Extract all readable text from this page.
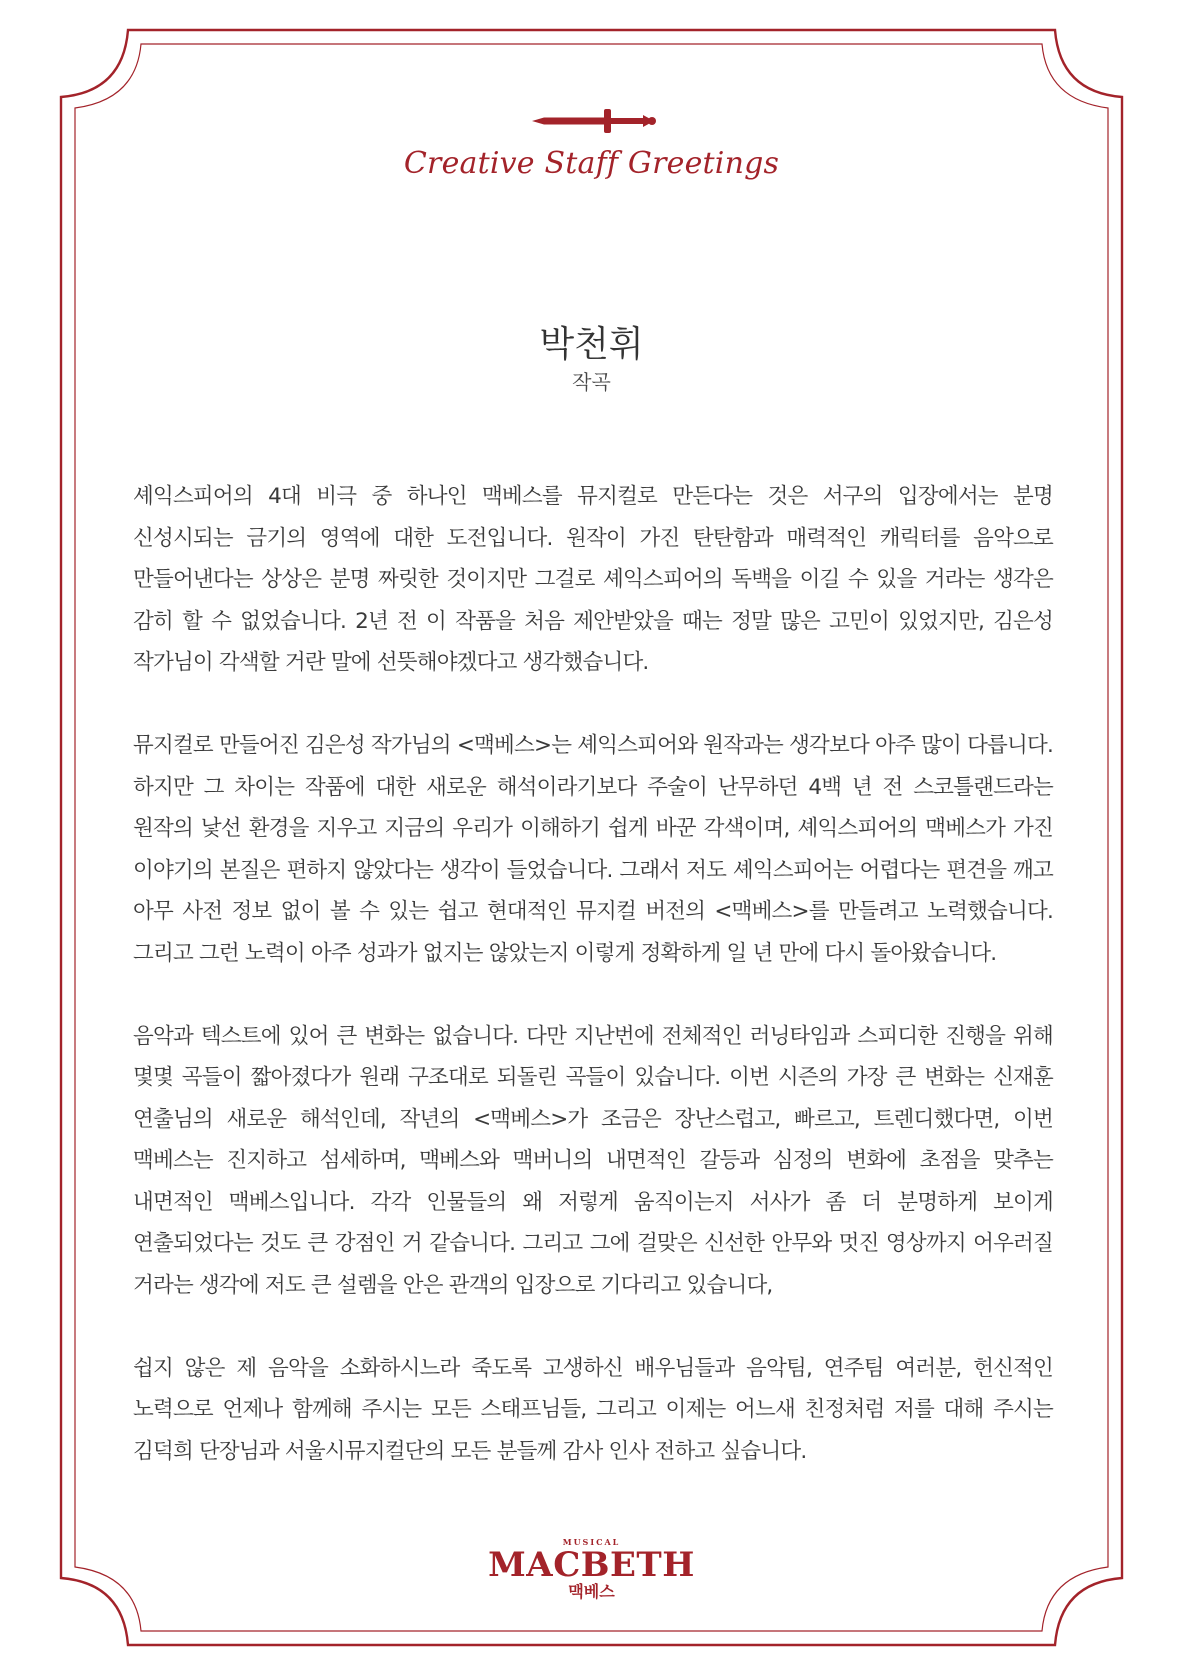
Creative Staff Greetings
박천휘
작곡

셰익스피어의 4대 비극 중 하나인 맥베스를 뮤지컬로 만든다는 것은 서구의 입장에서는 분명 신성시되는 금기의 영역에 대한 도전입니다. 원작이 가진 탄탄함과 매력적인 캐릭터를 음악으로 만들어낸다는 상상은 분명 짜릿한 것이지만 그걸로 셰익스피어의 독백을 이길 수 있을 거라는 생각은 감히 할 수 없었습니다. 2년 전 이 작품을 처음 제안받았을 때는 정말 많은 고민이 있었지만, 김은성 작가님이 각색할 거란 말에 선뜻해야겠다고 생각했습니다.

뮤지컬로 만들어진 김은성 작가님의 <맥베스>는 셰익스피어와 원작과는 생각보다 아주 많이 다릅니다. 하지만 그 차이는 작품에 대한 새로운 해석이라기보다 주술이 난무하던 4백 년 전 스코틀랜드라는 원작의 낯선 환경을 지우고 지금의 우리가 이해하기 쉽게 바꾼 각색이며, 셰익스피어의 맥베스가 가진 이야기의 본질은 편하지 않았다는 생각이 들었습니다. 그래서 저도 셰익스피어는 어렵다는 편견을 깨고 아무 사전 정보 없이 볼 수 있는 쉽고 현대적인 뮤지컬 버전의 <맥베스>를 만들려고 노력했습니다. 그리고 그런 노력이 아주 성과가 없지는 않았는지 이렇게 정확하게 일 년 만에 다시 돌아왔습니다.

음악과 텍스트에 있어 큰 변화는 없습니다. 다만 지난번에 전체적인 러닝타임과 스피디한 진행을 위해 몇몇 곡들이 짧아졌다가 원래 구조대로 되돌린 곡들이 있습니다. 이번 시즌의 가장 큰 변화는 신재훈 연출님의 새로운 해석인데, 작년의 <맥베스>가 조금은 장난스럽고, 빠르고, 트렌디했다면, 이번 맥베스는 진지하고 섬세하며, 맥베스와 맥버니의 내면적인 갈등과 심정의 변화에 초점을 맞추는 내면적인 맥베스입니다. 각각 인물들의 왜 저렇게 움직이는지 서사가 좀 더 분명하게 보이게 연출되었다는 것도 큰 강점인 거 같습니다. 그리고 그에 걸맞은 신선한 안무와 멋진 영상까지 어우러질 거라는 생각에 저도 큰 설렘을 안은 관객의 입장으로 기다리고 있습니다,

쉽지 않은 제 음악을 소화하시느라 죽도록 고생하신 배우님들과 음악팀, 연주팀 여러분, 헌신적인 노력으로 언제나 함께해 주시는 모든 스태프님들, 그리고 이제는 어느새 친정처럼 저를 대해 주시는 김덕희 단장님과 서울시뮤지컬단의 모든 분들께 감사 인사 전하고 싶습니다.

MUSICAL
MACBETH
맥베스
